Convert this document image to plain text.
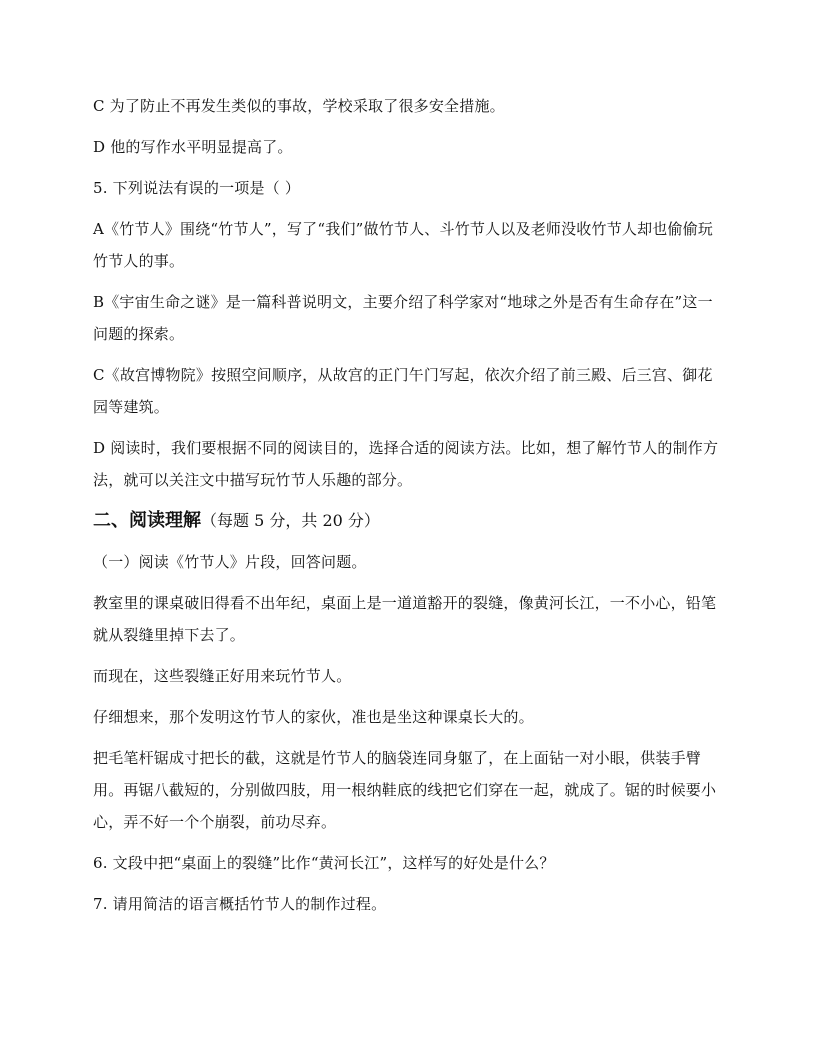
C 为了防止不再发生类似的事故，学校采取了很多安全措施。

D 他的写作水平明显提高了。

5. 下列说法有误的一项是（ ）

A《竹节人》围绕“竹节人”，写了“我们”做竹节人、斗竹节人以及老师没收竹节人却也偷偷玩竹节人的事。

B《宇宙生命之谜》是一篇科普说明文，主要介绍了科学家对“地球之外是否有生命存在”这一问题的探索。

C《故宫博物院》按照空间顺序，从故宫的正门午门写起，依次介绍了前三殿、后三宫、御花园等建筑。

D 阅读时，我们要根据不同的阅读目的，选择合适的阅读方法。比如，想了解竹节人的制作方法，就可以关注文中描写玩竹节人乐趣的部分。

二、阅读理解（每题 5 分，共 20 分）

（一）阅读《竹节人》片段，回答问题。

教室里的课桌破旧得看不出年纪，桌面上是一道道豁开的裂缝，像黄河长江，一不小心，铅笔就从裂缝里掉下去了。

而现在，这些裂缝正好用来玩竹节人。

仔细想来，那个发明这竹节人的家伙，准也是坐这种课桌长大的。

把毛笔杆锯成寸把长的截，这就是竹节人的脑袋连同身躯了，在上面钻一对小眼，供装手臂用。再锯八截短的，分别做四肢，用一根纳鞋底的线把它们穿在一起，就成了。锯的时候要小心，弄不好一个个崩裂，前功尽弃。

6. 文段中把“桌面上的裂缝”比作“黄河长江”，这样写的好处是什么？

7. 请用简洁的语言概括竹节人的制作过程。
